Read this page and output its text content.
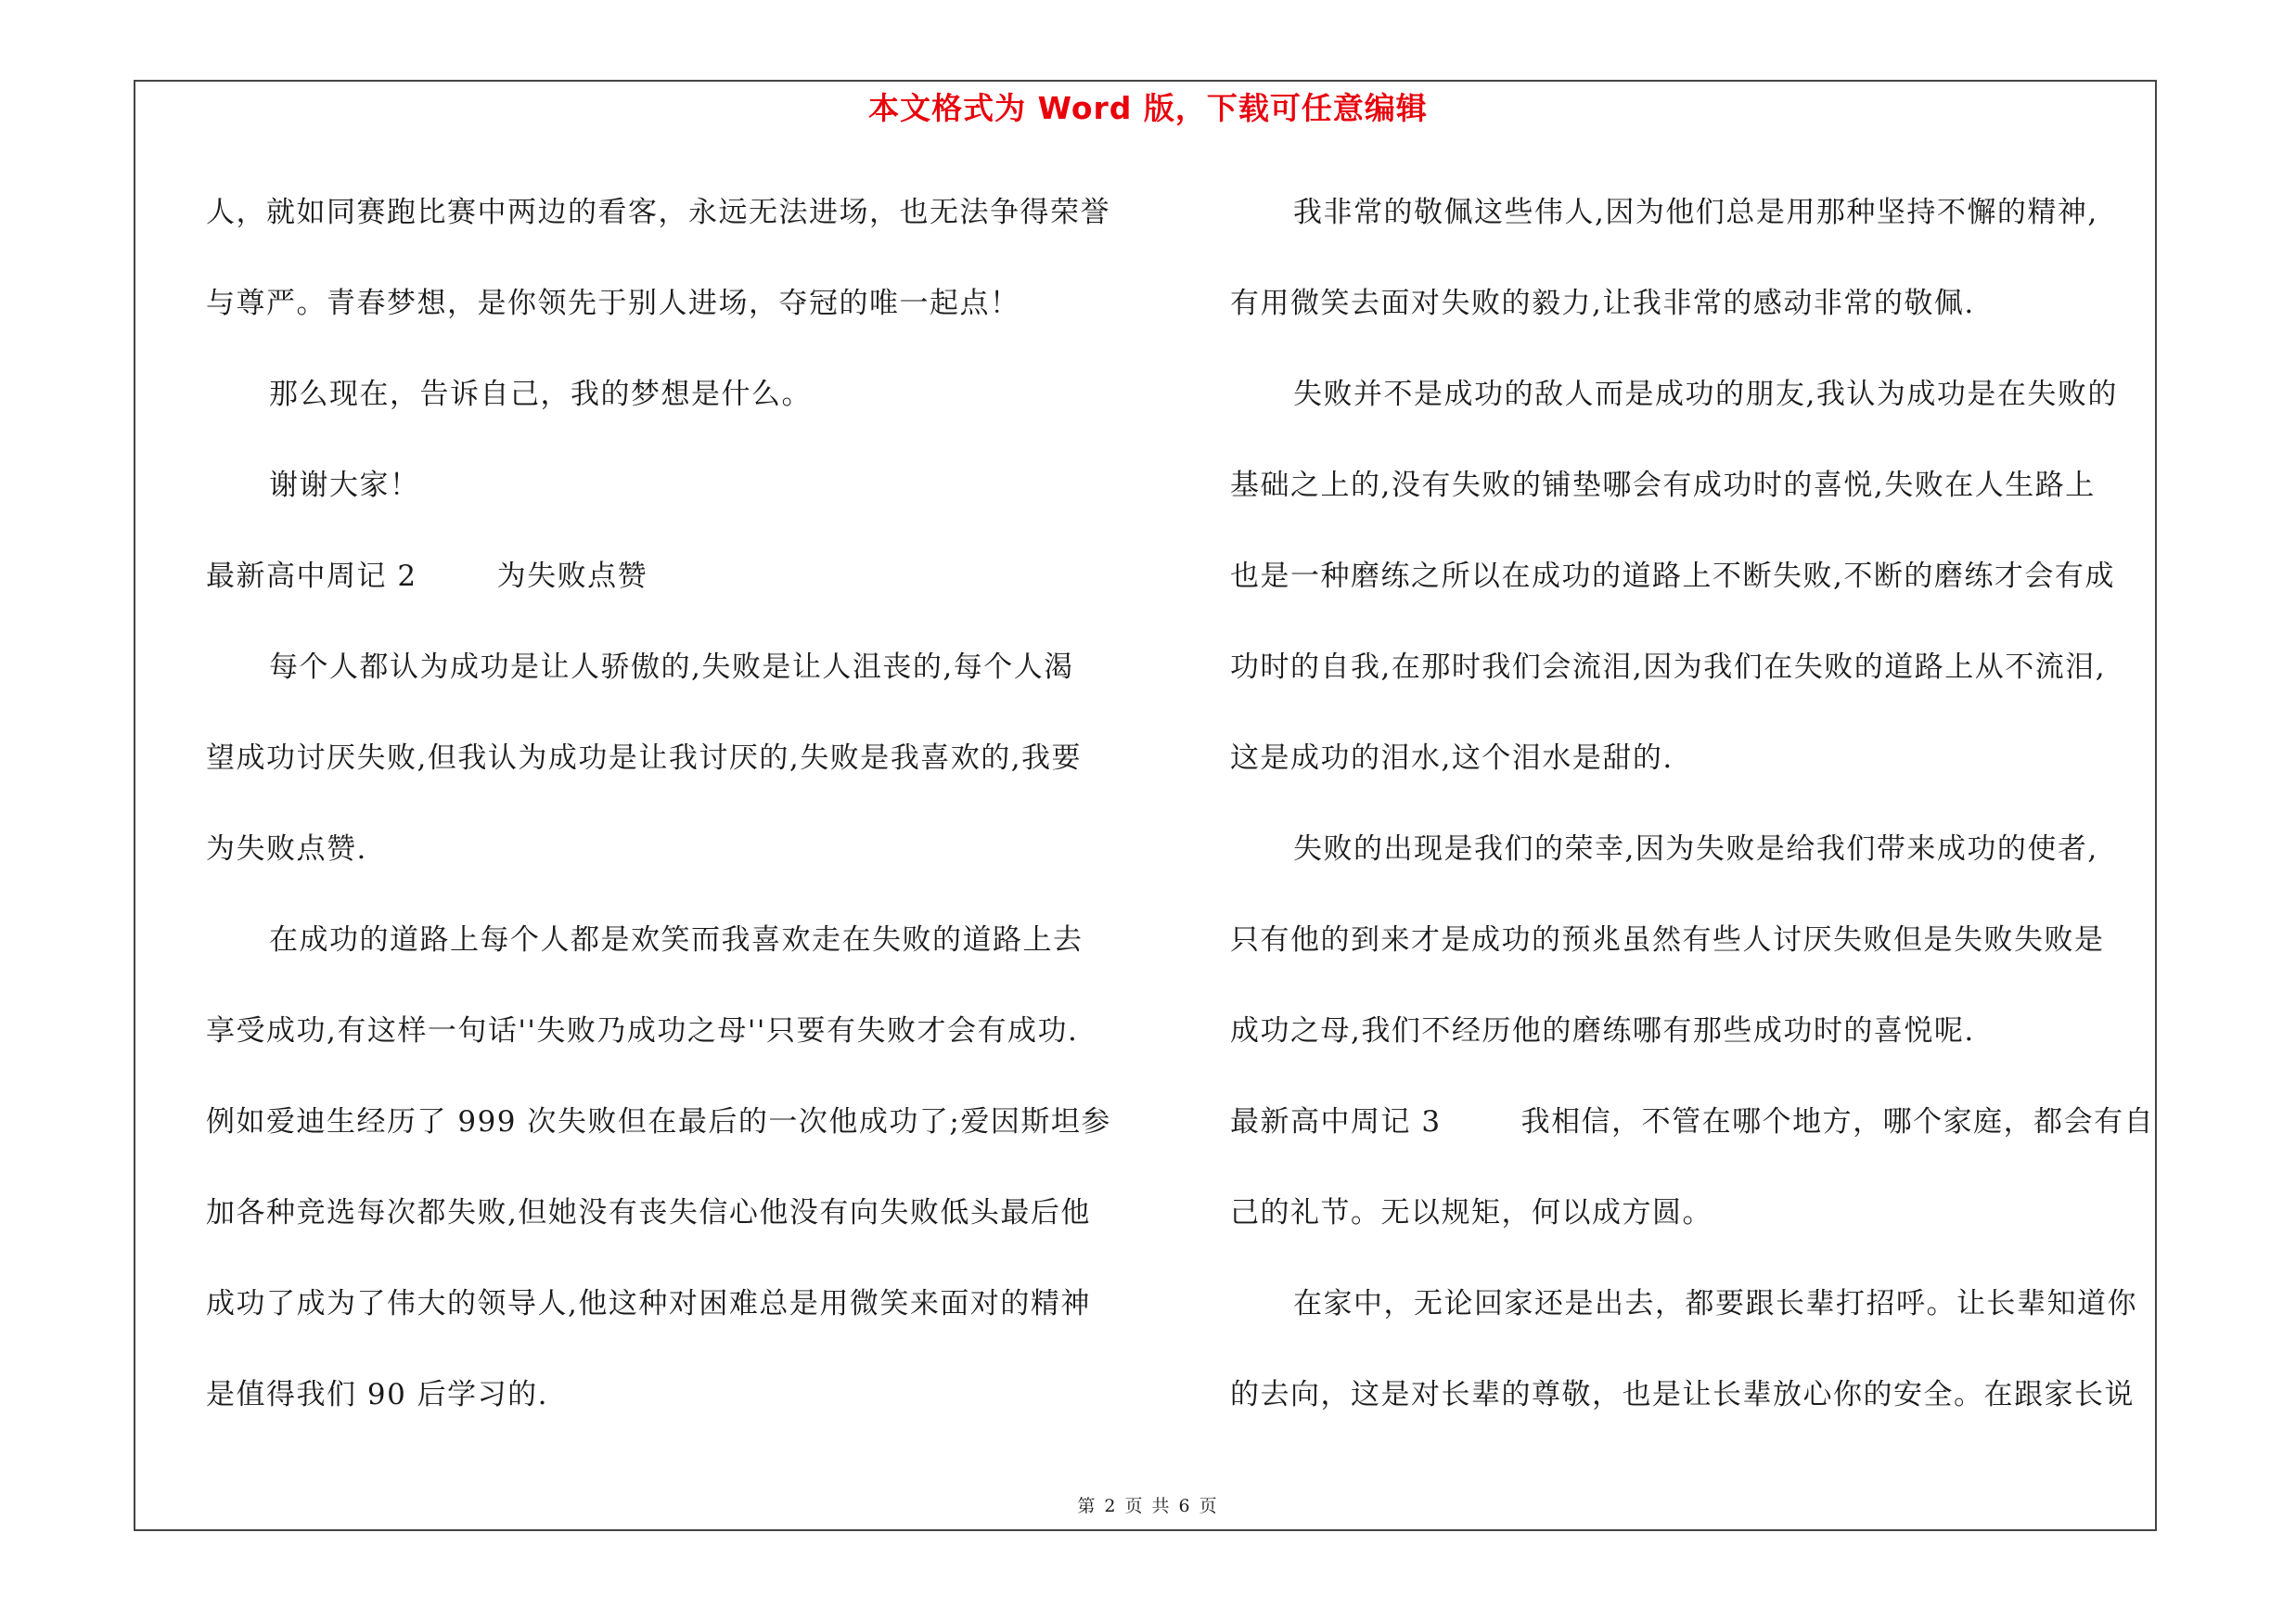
本文格式为 Word 版，下载可任意编辑
人，就如同赛跑比赛中两边的看客，永远无法进场，也无法争得荣誉
与尊严。青春梦想，是你领先于别人进场，夺冠的唯一起点！
那么现在，告诉自己，我的梦想是什么。
谢谢大家！
最新高中周记 2	为失败点赞
每个人都认为成功是让人骄傲的,失败是让人沮丧的,每个人渴
望成功讨厌失败,但我认为成功是让我讨厌的,失败是我喜欢的,我要
为失败点赞.
在成功的道路上每个人都是欢笑而我喜欢走在失败的道路上去
享受成功,有这样一句话''失败乃成功之母''只要有失败才会有成功.
例如爱迪生经历了 999 次失败但在最后的一次他成功了;爱因斯坦参
加各种竞选每次都失败,但她没有丧失信心他没有向失败低头最后他
成功了成为了伟大的领导人,他这种对困难总是用微笑来面对的精神
是值得我们 90 后学习的.
我非常的敬佩这些伟人,因为他们总是用那种坚持不懈的精神,
有用微笑去面对失败的毅力,让我非常的感动非常的敬佩.
失败并不是成功的敌人而是成功的朋友,我认为成功是在失败的
基础之上的,没有失败的铺垫哪会有成功时的喜悦,失败在人生路上
也是一种磨练之所以在成功的道路上不断失败,不断的磨练才会有成
功时的自我,在那时我们会流泪,因为我们在失败的道路上从不流泪,
这是成功的泪水,这个泪水是甜的.
失败的出现是我们的荣幸,因为失败是给我们带来成功的使者,
只有他的到来才是成功的预兆虽然有些人讨厌失败但是失败失败是
成功之母,我们不经历他的磨练哪有那些成功时的喜悦呢.
最新高中周记 3	我相信，不管在哪个地方，哪个家庭，都会有自
己的礼节。无以规矩，何以成方圆。
在家中，无论回家还是出去，都要跟长辈打招呼。让长辈知道你
的去向，这是对长辈的尊敬，也是让长辈放心你的安全。在跟家长说
第 2 页 共 6 页
